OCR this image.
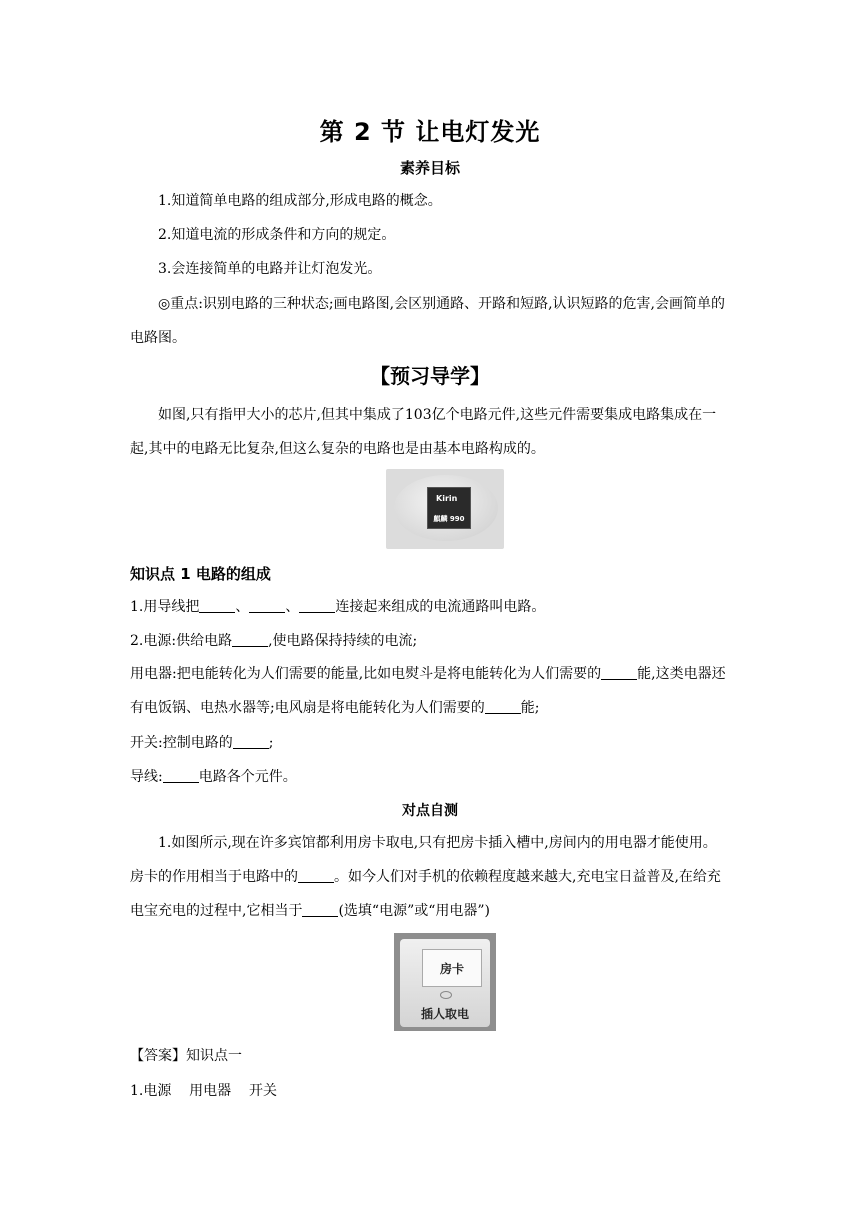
第 2 节 让电灯发光
素养目标
1.知道简单电路的组成部分,形成电路的概念。
2.知道电流的形成条件和方向的规定。
3.会连接简单的电路并让灯泡发光。
◎重点:识别电路的三种状态;画电路图,会区别通路、开路和短路,认识短路的危害,会画简单的电路图。
【预习导学】
如图,只有指甲大小的芯片,但其中集成了103亿个电路元件,这些元件需要集成电路集成在一起,其中的电路无比复杂,但这么复杂的电路也是由基本电路构成的。
Kirin
麒麟 990
知识点 1 电路的组成
1.用导线把	、	、	连接起来组成的电流通路叫电路。
2.电源:供给电路	,使电路保持持续的电流;
用电器:把电能转化为人们需要的能量,比如电熨斗是将电能转化为人们需要的	能,这类电器还有电饭锅、电热水器等;电风扇是将电能转化为人们需要的	能;
开关:控制电路的	;
导线:	电路各个元件。
对点自测
1.如图所示,现在许多宾馆都利用房卡取电,只有把房卡插入槽中,房间内的用电器才能使用。房卡的作用相当于电路中的	。如今人们对手机的依赖程度越来越大,充电宝日益普及,在给充电宝充电的过程中,它相当于	(选填“电源”或“用电器”)
房卡
插人取电
【答案】知识点一
1.电源    用电器    开关
